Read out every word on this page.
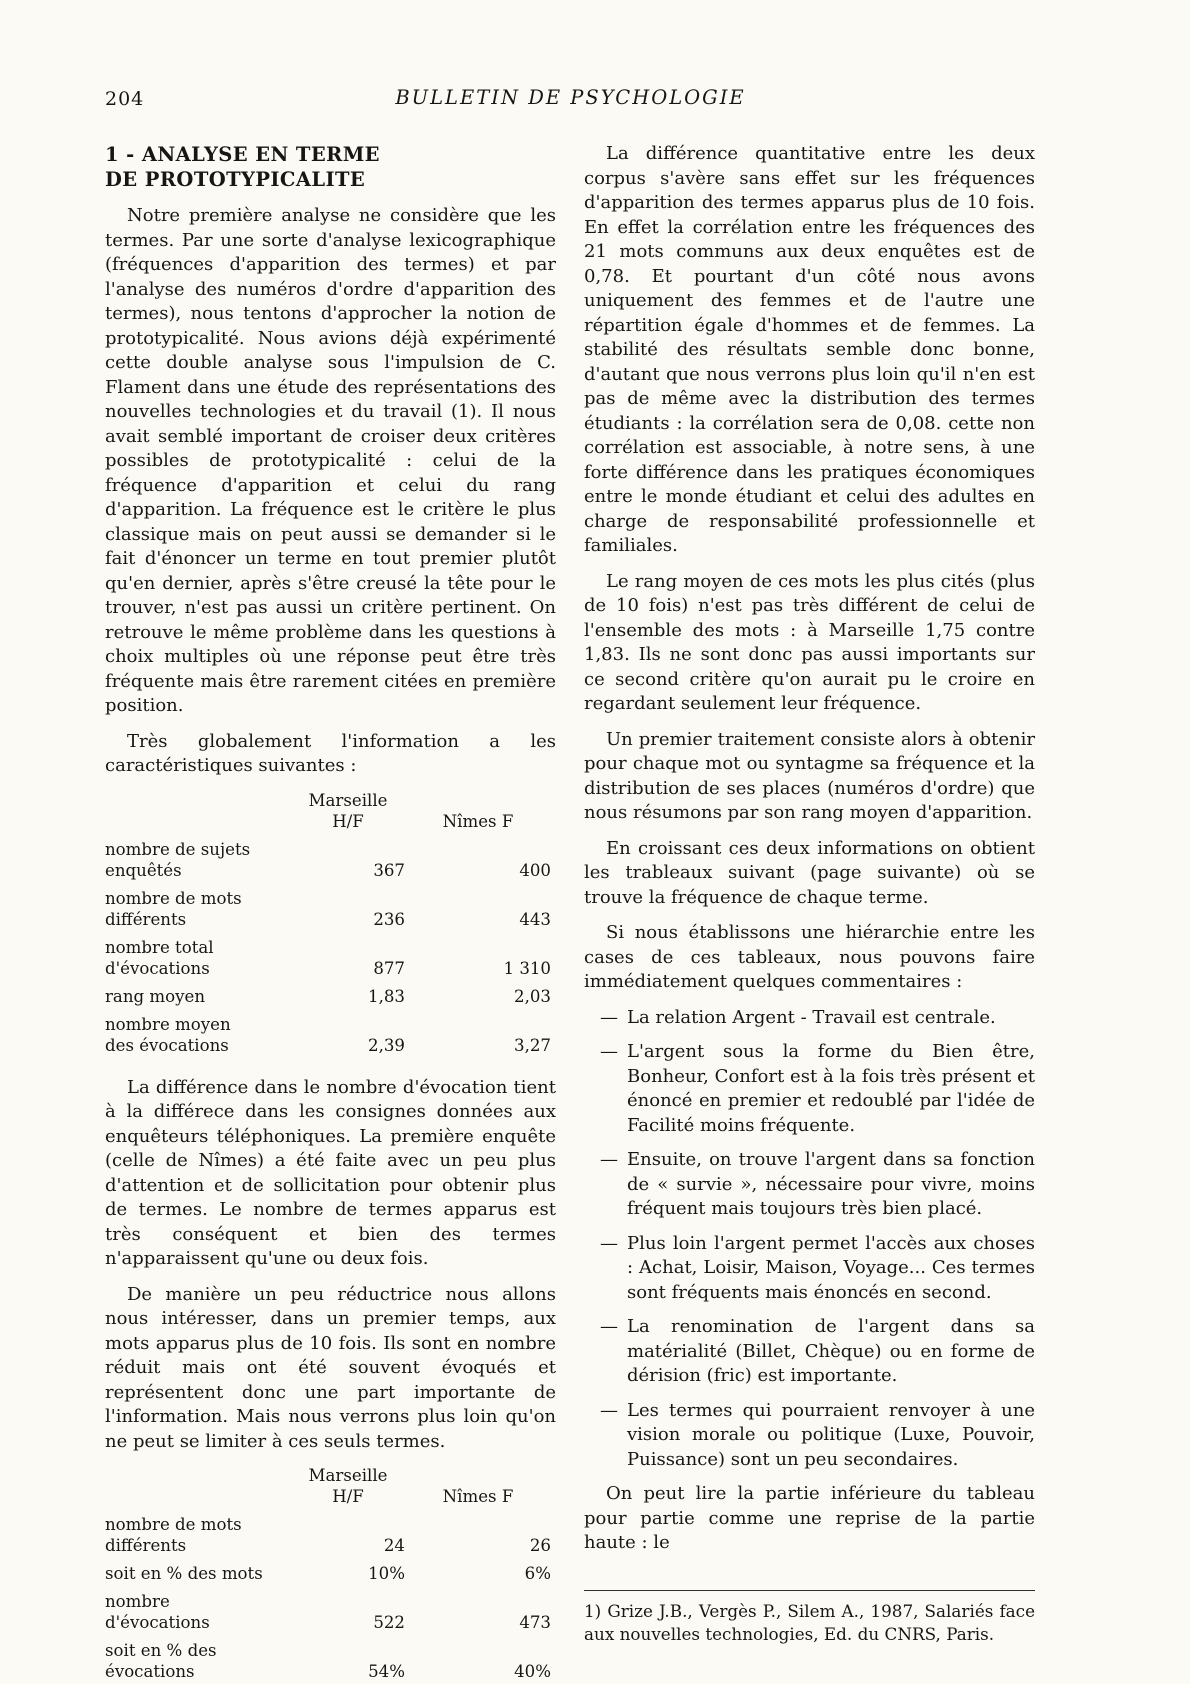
204	BULLETIN DE PSYCHOLOGIE
1 - ANALYSE EN TERME
DE PROTOTYPICALITE

Notre première analyse ne considère que les termes. Par une sorte d'analyse lexicographique (fréquences d'apparition des termes) et par l'analyse des numéros d'ordre d'apparition des termes), nous tentons d'approcher la notion de prototypicalité. Nous avions déjà expérimenté cette double analyse sous l'impulsion de C. Flament dans une étude des représentations des nouvelles technologies et du travail (1). Il nous avait semblé important de croiser deux critères possibles de prototypicalité : celui de la fréquence d'apparition et celui du rang d'apparition. La fréquence est le critère le plus classique mais on peut aussi se demander si le fait d'énoncer un terme en tout premier plutôt qu'en dernier, après s'être creusé la tête pour le trouver, n'est pas aussi un critère pertinent. On retrouve le même problème dans les questions à choix multiples où une réponse peut être très fréquente mais être rarement citées en première position.

Très globalement l'information a les caractéristiques suivantes :

Marseille H/F	Nîmes F
nombre de sujets
enquêtés	367	400
nombre de mots
différents	236	443
nombre total
d'évocations	877	1 310
rang moyen	1,83	2,03
nombre moyen
des évocations	2,39	3,27

La différence dans le nombre d'évocation tient à la différece dans les consignes données aux enquêteurs téléphoniques. La première enquête (celle de Nîmes) a été faite avec un peu plus d'attention et de sollicitation pour obtenir plus de termes. Le nombre de termes apparus est très conséquent et bien des termes n'apparaissent qu'une ou deux fois.

De manière un peu réductrice nous allons nous intéresser, dans un premier temps, aux mots apparus plus de 10 fois. Ils sont en nombre réduit mais ont été souvent évoqués et représentent donc une part importante de l'information. Mais nous verrons plus loin qu'on ne peut se limiter à ces seuls termes.

Marseille H/F	Nîmes F
nombre de mots
différents	24	26
soit en % des mots	10%	6%
nombre
d'évocations	522	473
soit en % des
évocations	54%	40%

La différence quantitative entre les deux corpus s'avère sans effet sur les fréquences d'apparition des termes apparus plus de 10 fois. En effet la corrélation entre les fréquences des 21 mots communs aux deux enquêtes est de 0,78. Et pourtant d'un côté nous avons uniquement des femmes et de l'autre une répartition égale d'hommes et de femmes. La stabilité des résultats semble donc bonne, d'autant que nous verrons plus loin qu'il n'en est pas de même avec la distribution des termes étudiants : la corrélation sera de 0,08. cette non corrélation est associable, à notre sens, à une forte différence dans les pratiques économiques entre le monde étudiant et celui des adultes en charge de responsabilité professionnelle et familiales.

Le rang moyen de ces mots les plus cités (plus de 10 fois) n'est pas très différent de celui de l'ensemble des mots : à Marseille 1,75 contre 1,83. Ils ne sont donc pas aussi importants sur ce second critère qu'on aurait pu le croire en regardant seulement leur fréquence.

Un premier traitement consiste alors à obtenir pour chaque mot ou syntagme sa fréquence et la distribution de ses places (numéros d'ordre) que nous résumons par son rang moyen d'apparition.

En croissant ces deux informations on obtient les trableaux suivant (page suivante) où se trouve la fréquence de chaque terme.

Si nous établissons une hiérarchie entre les cases de ces tableaux, nous pouvons faire immédiatement quelques commentaires :

— La relation Argent - Travail est centrale.
— L'argent sous la forme du Bien être, Bonheur, Confort est à la fois très présent et énoncé en premier et redoublé par l'idée de Facilité moins fréquente.
— Ensuite, on trouve l'argent dans sa fonction de « survie », nécessaire pour vivre, moins fréquent mais toujours très bien placé.
— Plus loin l'argent permet l'accès aux choses : Achat, Loisir, Maison, Voyage... Ces termes sont fréquents mais énoncés en second.
— La renomination de l'argent dans sa matérialité (Billet, Chèque) ou en forme de dérision (fric) est importante.
— Les termes qui pourraient renvoyer à une vision morale ou politique (Luxe, Pouvoir, Puissance) sont un peu secondaires.

On peut lire la partie inférieure du tableau pour partie comme une reprise de la partie haute : le

1) Grize J.B., Vergès P., Silem A., 1987, Salariés face aux nouvelles technologies, Ed. du CNRS, Paris.
